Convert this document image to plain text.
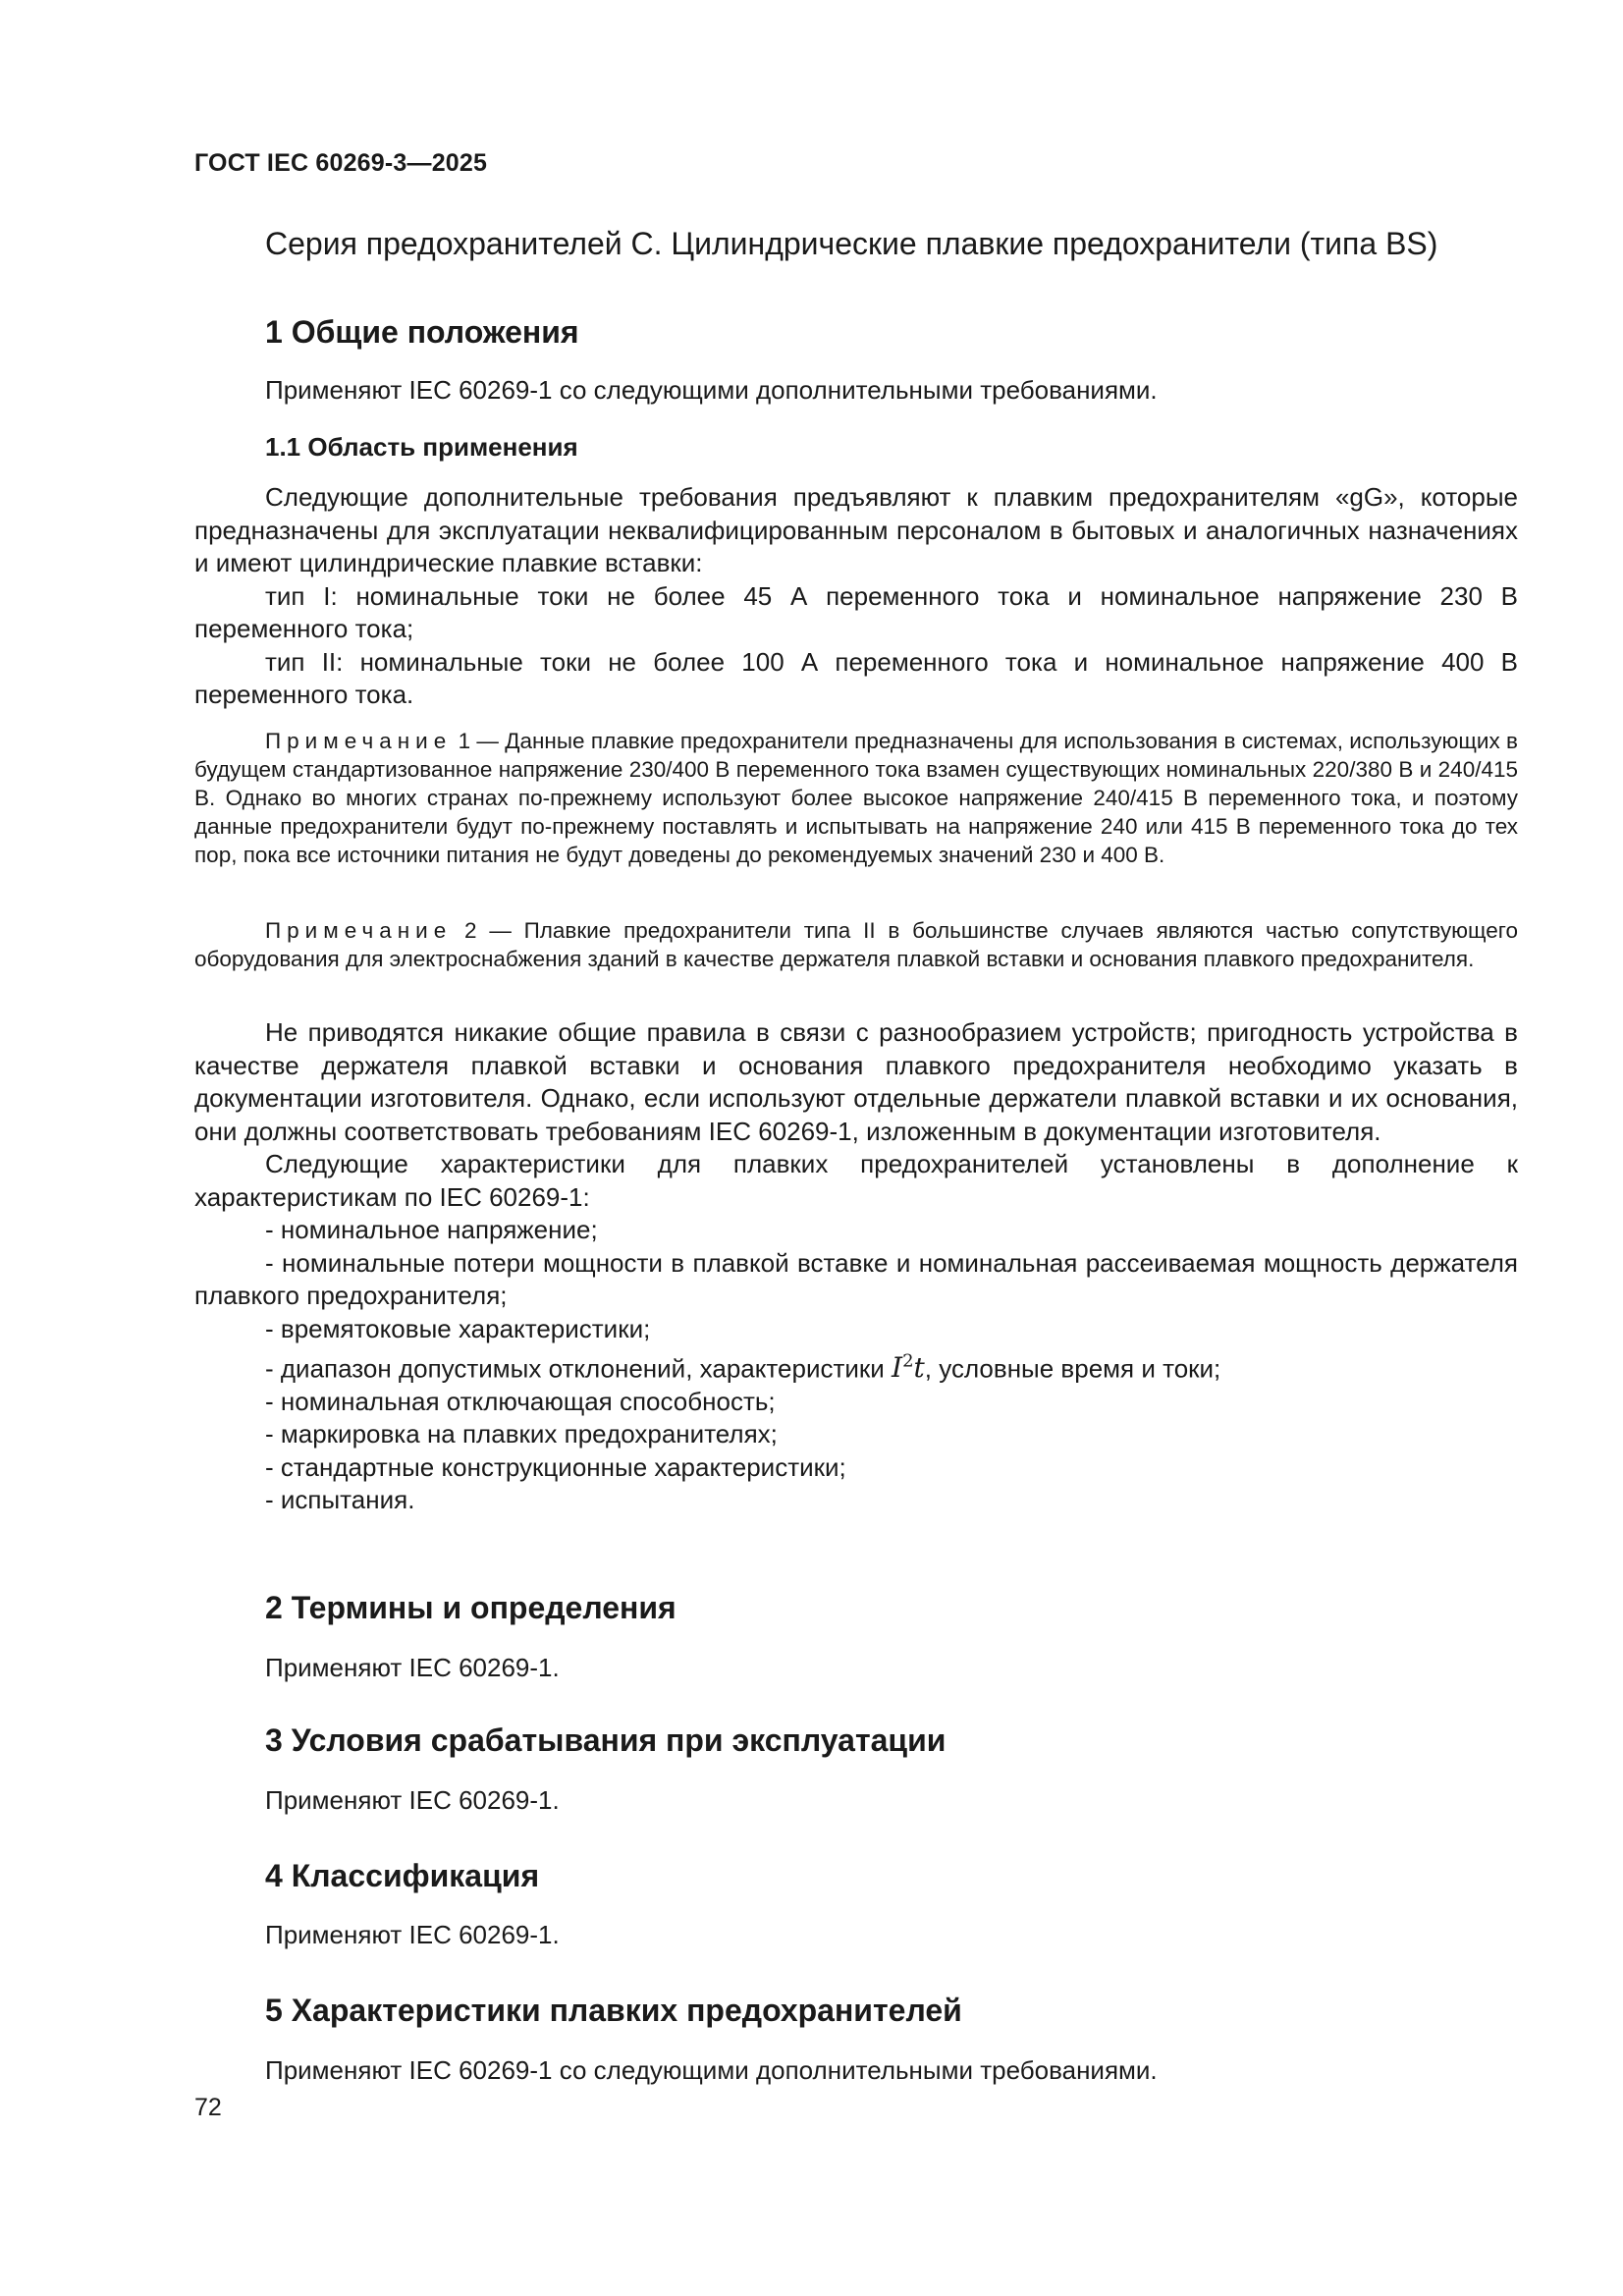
ГОСТ IEC 60269-3—2025
Серия предохранителей С. Цилиндрические плавкие предохранители (типа BS)
1 Общие положения

Применяют IEC 60269-1 со следующими дополнительными требованиями.

1.1 Область применения

Следующие дополнительные требования предъявляют к плавким предохранителям «gG», которые предназначены для эксплуатации неквалифицированным персоналом в бытовых и аналогичных назначениях и имеют цилиндрические плавкие вставки:

тип I: номинальные токи не более 45 А переменного тока и номинальное напряжение 230 В переменного тока;

тип II: номинальные токи не более 100 А переменного тока и номинальное напряжение 400 В переменного тока.

Примечание 1 — Данные плавкие предохранители предназначены для использования в системах, использующих в будущем стандартизованное напряжение 230/400 В переменного тока взамен существующих номинальных 220/380 В и 240/415 В. Однако во многих странах по-прежнему используют более высокое напряжение 240/415 В переменного тока, и поэтому данные предохранители будут по-прежнему поставлять и испытывать на напряжение 240 или 415 В переменного тока до тех пор, пока все источники питания не будут доведены до рекомендуемых значений 230 и 400 В.

Примечание 2 — Плавкие предохранители типа II в большинстве случаев являются частью сопутствующего оборудования для электроснабжения зданий в качестве держателя плавкой вставки и основания плавкого предохранителя.

Не приводятся никакие общие правила в связи с разнообразием устройств; пригодность устройства в качестве держателя плавкой вставки и основания плавкого предохранителя необходимо указать в документации изготовителя. Однако, если используют отдельные держатели плавкой вставки и их основания, они должны соответствовать требованиям IEC 60269-1, изложенным в документации изготовителя.

Следующие характеристики для плавких предохранителей установлены в дополнение к характеристикам по IEC 60269-1:

- номинальное напряжение;

- номинальные потери мощности в плавкой вставке и номинальная рассеиваемая мощность держателя плавкого предохранителя;

- времятоковые характеристики;

- диапазон допустимых отклонений, характеристики $I^2t$, условные время и токи;

- номинальная отключающая способность;

- маркировка на плавких предохранителях;

- стандартные конструкционные характеристики;

- испытания.

2 Термины и определения

Применяют IEC 60269-1.

3 Условия срабатывания при эксплуатации

Применяют IEC 60269-1.

4 Классификация

Применяют IEC 60269-1.

5 Характеристики плавких предохранителей

Применяют IEC 60269-1 со следующими дополнительными требованиями.

72
